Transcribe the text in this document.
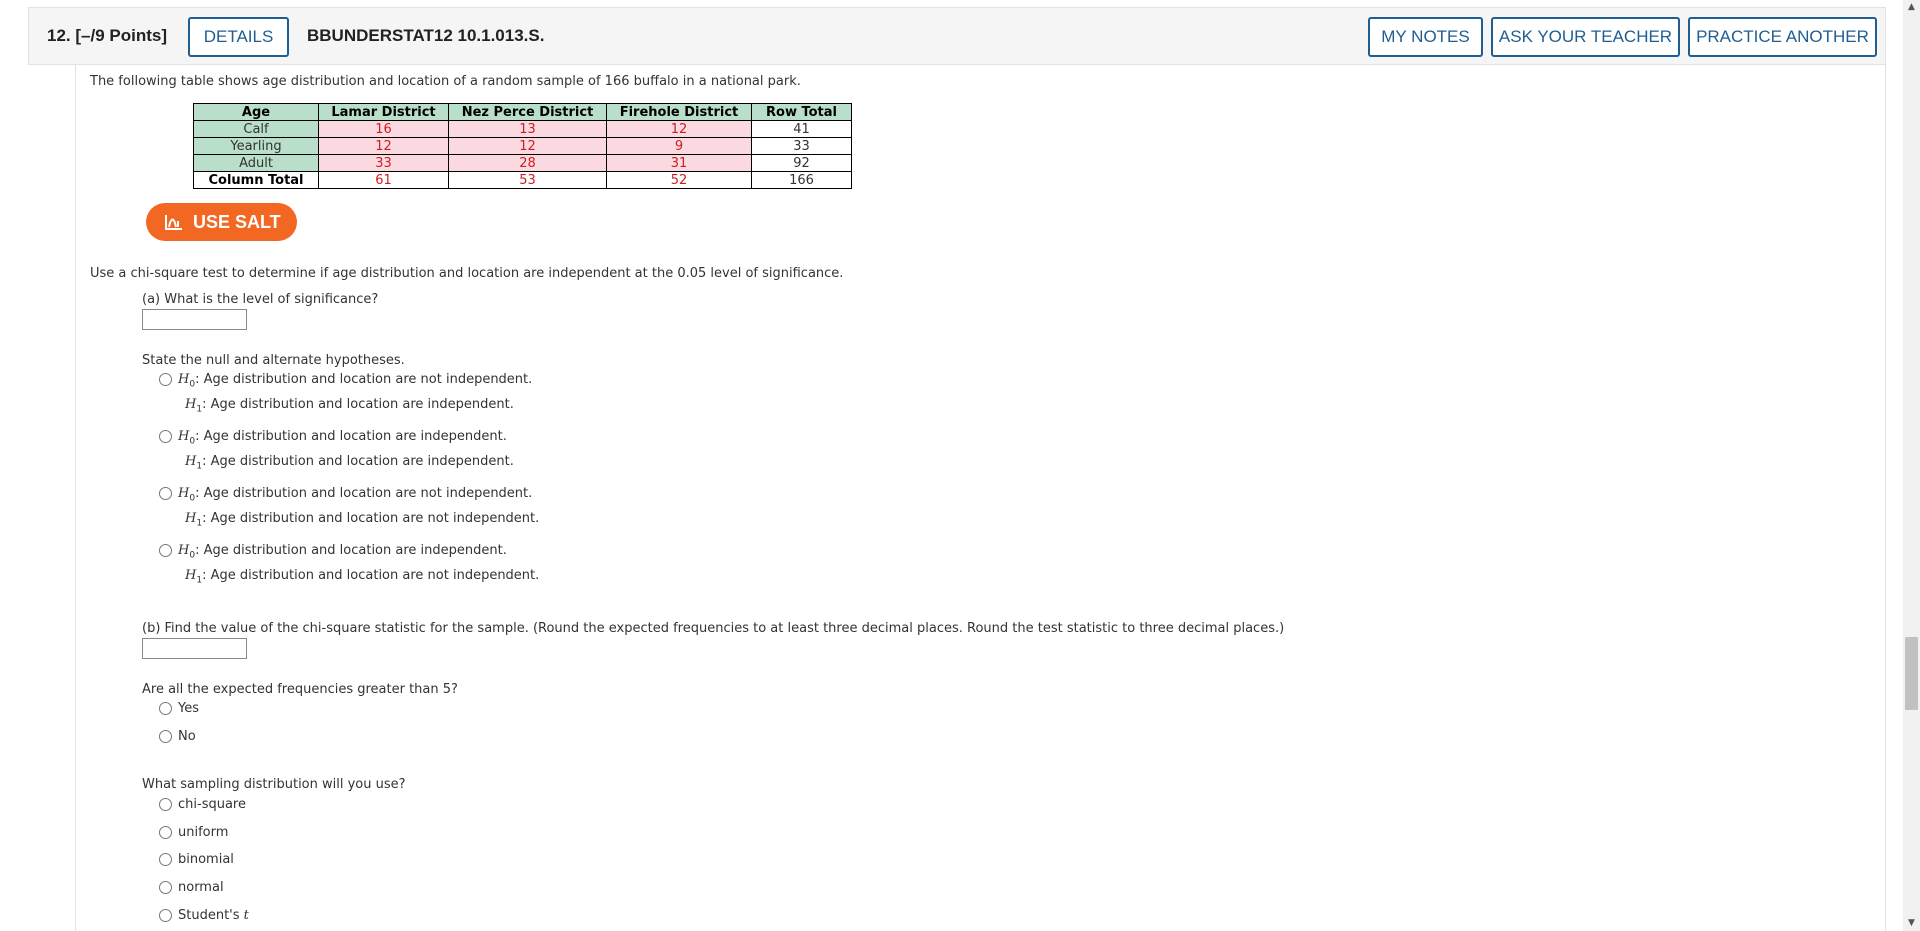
12. [–/9 Points]	DETAILS	BBUNDERSTAT12 10.1.013.S.	MY NOTES	ASK YOUR TEACHER	PRACTICE ANOTHER
The following table shows age distribution and location of a random sample of 166 buffalo in a national park.
Age	Lamar District	Nez Perce District	Firehole District	Row Total
Calf	16	13	12	41
Yearling	12	12	9	33
Adult	33	28	31	92
Column Total	61	53	52	166
USE SALT
Use a chi-square test to determine if age distribution and location are independent at the 0.05 level of significance.
(a) What is the level of significance?
State the null and alternate hypotheses.
$H_0$: Age distribution and location are not independent.
$H_1$: Age distribution and location are independent.
$H_0$: Age distribution and location are independent.
$H_1$: Age distribution and location are independent.
$H_0$: Age distribution and location are not independent.
$H_1$: Age distribution and location are not independent.
$H_0$: Age distribution and location are independent.
$H_1$: Age distribution and location are not independent.
(b) Find the value of the chi-square statistic for the sample. (Round the expected frequencies to at least three decimal places. Round the test statistic to three decimal places.)
Are all the expected frequencies greater than 5?
Yes
No
What sampling distribution will you use?
chi-square
uniform
binomial
normal
Student's t
▲
▼
